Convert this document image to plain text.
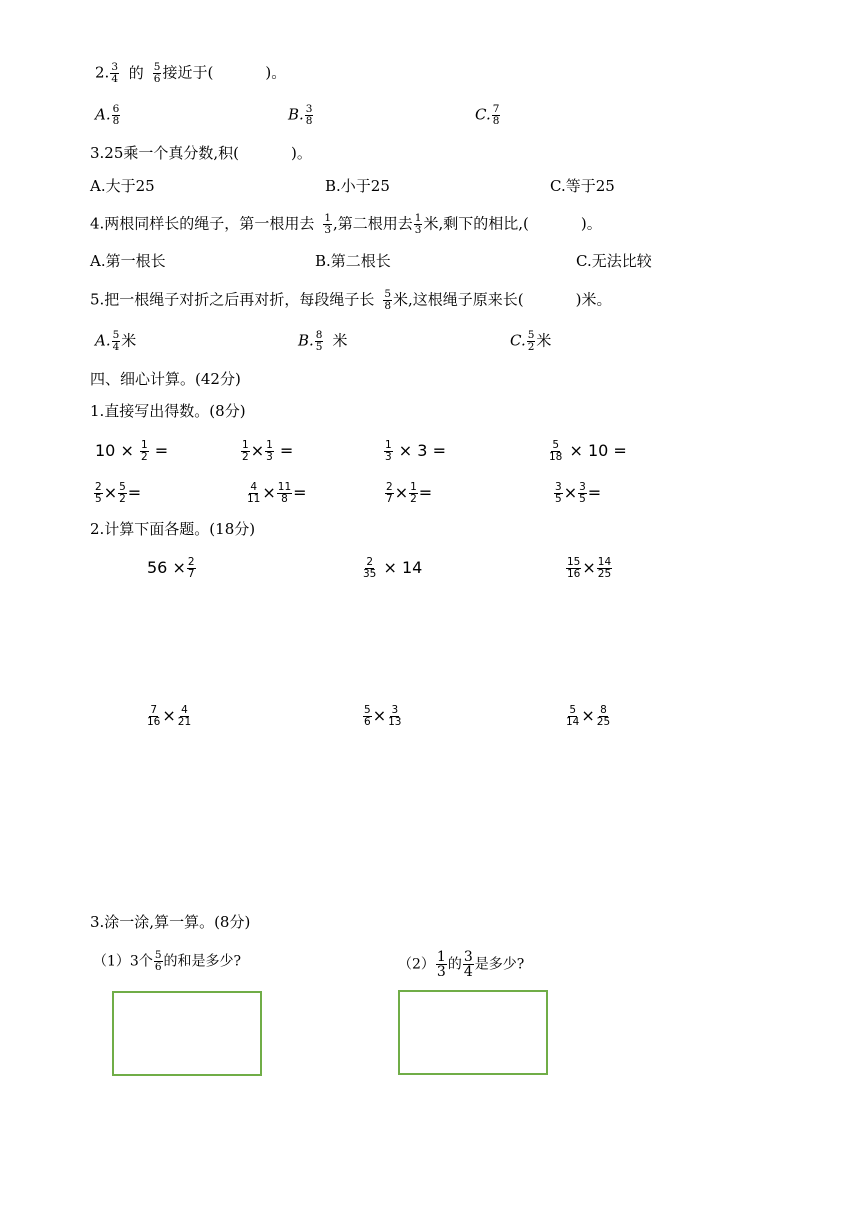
2. $\frac{3}{4}$ 的 $\frac{5}{6}$ 接近于(	)。
A. $\frac{6}{8}$	B. $\frac{3}{8}$	C. $\frac{7}{8}$
3.25乘一个真分数,积(	)。
A.大于25	B.小于25	C.等于25
4.两根同样长的绳子，第一根用去 $\frac{1}{3}$ ,第二根用去 $\frac{1}{3}$ 米,剩下的相比,(	)。
A.第一根长	B.第二根长	C.无法比较
5.把一根绳子对折之后再对折，每段绳子长 $\frac{5}{8}$ 米,这根绳子原来长(	)米。
A. $\frac{5}{4}$ 米	B. $\frac{8}{5}$ 米	C. $\frac{5}{2}$ 米
四、细心计算。(42分)
1.直接写出得数。(8分)
$10 \times \frac{1}{2}$ =	$\frac{1}{2} \times \frac{1}{3}$ =	$\frac{1}{3} \times 3$ =	$\frac{5}{18} \times 10$ =
$\frac{2}{5} \times \frac{5}{2}$ =	$\frac{4}{11} \times \frac{11}{8}$ =	$\frac{2}{7} \times \frac{1}{2}$ =	$\frac{3}{5} \times \frac{3}{5}$ =
2.计算下面各题。(18分)
$56 \times \frac{2}{7}$	$\frac{2}{35} \times 14$	$\frac{15}{16} \times \frac{14}{25}$
$\frac{7}{16} \times \frac{4}{21}$	$\frac{5}{6} \times \frac{3}{13}$	$\frac{5}{14} \times \frac{8}{25}$
3.涂一涂,算一算。(8分)
（1）3个 $\frac{5}{6}$ 的和是多少?	$(2) \frac{1}{3}$ 的 $\frac{3}{4}$ 是多少?
